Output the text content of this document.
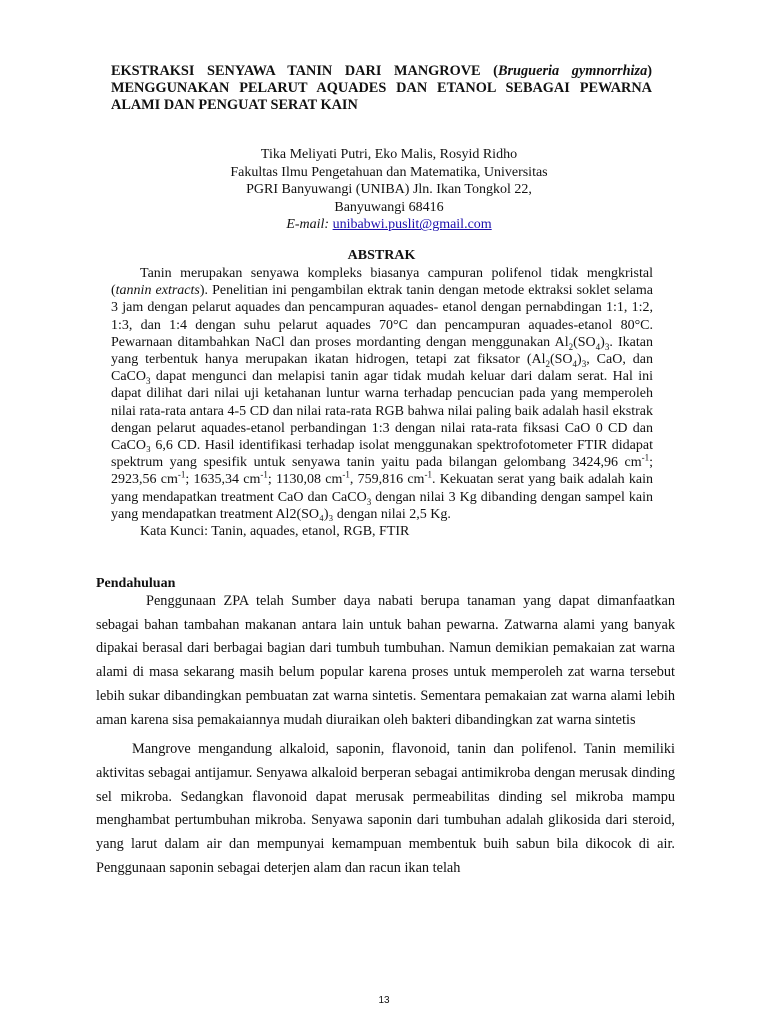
EKSTRAKSI SENYAWA TANIN DARI MANGROVE (Brugueria gymnorrhiza) MENGGUNAKAN PELARUT AQUADES DAN ETANOL SEBAGAI PEWARNA ALAMI DAN PENGUAT SERAT KAIN

Tika Meliyati Putri, Eko Malis, Rosyid Ridho
Fakultas Ilmu Pengetahuan dan Matematika, Universitas
PGRI Banyuwangi (UNIBA) Jln. Ikan Tongkol 22,
Banyuwangi 68416
E-mail: unibabwi.puslit@gmail.com

ABSTRAK

Tanin merupakan senyawa kompleks biasanya campuran polifenol tidak mengkristal (tannin extracts). Penelitian ini pengambilan ektrak tanin dengan metode ektraksi soklet selama 3 jam dengan pelarut aquades dan pencampuran aquades- etanol dengan pernabdingan 1:1, 1:2, 1:3, dan 1:4 dengan suhu pelarut aquades 70°C dan pencampuran aquades-etanol 80°C. Pewarnaan ditambahkan NaCl dan proses mordanting dengan menggunakan $Al_2(SO_4)_3$. Ikatan yang terbentuk hanya merupakan ikatan hidrogen, tetapi zat fiksator ($Al_2(SO_4)_3$, CaO, dan CaCO$_3$ dapat mengunci dan melapisi tanin agar tidak mudah keluar dari dalam serat. Hal ini dapat dilihat dari nilai uji ketahanan luntur warna terhadap pencucian pada yang memperoleh nilai rata-rata antara 4-5 CD dan nilai rata-rata RGB bahwa nilai paling baik adalah hasil ekstrak dengan pelarut aquades-etanol perbandingan 1:3 dengan nilai rata-rata fiksasi CaO 0 CD dan CaCO₃ 6,6 CD. Hasil identifikasi terhadap isolat menggunakan spektrofotometer FTIR didapat spektrum yang spesifik untuk senyawa tanin yaitu pada bilangan gelombang 3424,96 $cm^{-1}$; 2923,56 $cm^{-1}$; 1635,34 $cm^{-1}$; 1130,08 $cm^{-1}$, 759,816 $cm^{-1}$. Kekuatan serat yang baik adalah kain yang mendapatkan treatment CaO dan CaCO$_3$ dengan nilai 3 Kg dibanding dengan sampel kain yang mendapatkan treatment Al2(SO₄)₃ dengan nilai 2,5 Kg.

Kata Kunci: Tanin, aquades, etanol, RGB, FTIR

Pendahuluan

Penggunaan ZPA telah Sumber daya nabati berupa tanaman yang dapat dimanfaatkan sebagai bahan tambahan makanan antara lain untuk bahan pewarna. Zatwarna alami yang banyak dipakai berasal dari berbagai bagian dari tumbuh tumbuhan. Namun demikian pemakaian zat warna alami di masa sekarang masih belum popular karena proses untuk memperoleh zat warna tersebut lebih sukar dibandingkan pembuatan zat warna sintetis. Sementara pemakaian zat warna alami lebih aman karena sisa pemakaiannya mudah diuraikan oleh bakteri dibandingkan zat warna sintetis

Mangrove mengandung alkaloid, saponin, flavonoid, tanin dan polifenol. Tanin memiliki aktivitas sebagai antijamur. Senyawa alkaloid berperan sebagai antimikroba dengan merusak dinding sel mikroba. Sedangkan flavonoid dapat merusak permeabilitas dinding sel mikroba mampu menghambat pertumbuhan mikroba. Senyawa saponin dari tumbuhan adalah glikosida dari steroid, yang larut dalam air dan mempunyai kemampuan membentuk buih sabun bila dikocok di air. Penggunaan saponin sebagai deterjen alam dan racun ikan telah

13
